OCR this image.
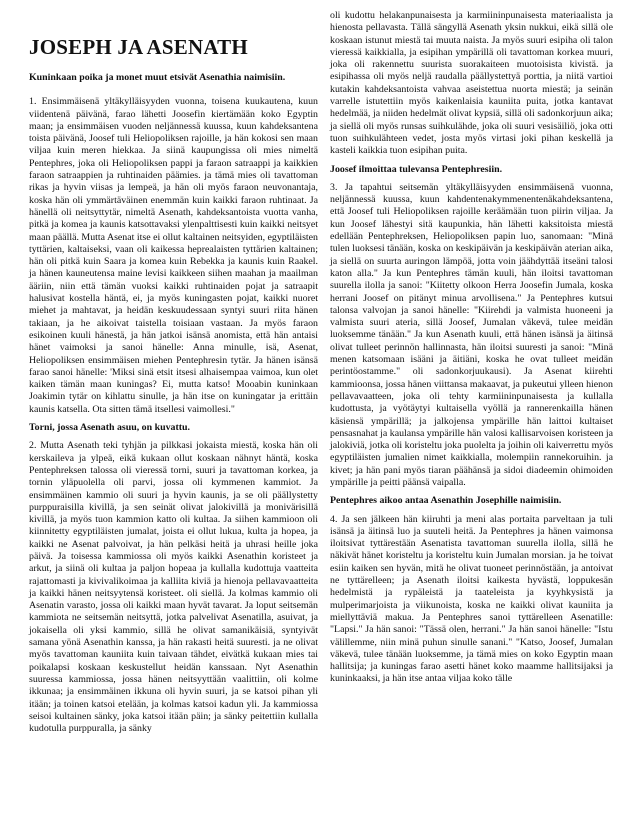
JOSEPH JA ASENATH

Kuninkaan poika ja monet muut etsivät Asenathia naimisiin.

1. Ensimmäisenä yltäkylläisyyden vuonna, toisena kuukautena, kuun viidentenä päivänä, farao lähetti Joosefin kiertämään koko Egyptin maan; ja ensimmäisen vuoden neljännessä kuussa, kuun kahdeksantena toista päivänä, Joosef tuli Heliopoliksen rajoille, ja hän kokosi sen maan viljaa kuin meren hiekkaa. Ja siinä kaupungissa oli mies nimeltä Pentephres, joka oli Heliopoliksen pappi ja faraon satraappi ja kaikkien faraon satraappien ja ruhtinaiden päämies. ja tämä mies oli tavattoman rikas ja hyvin viisas ja lempeä, ja hän oli myös faraon neuvonantaja, koska hän oli ymmärtäväinen enemmän kuin kaikki faraon ruhtinaat. Ja hänellä oli neitsyttytär, nimeltä Asenath, kahdeksantoista vuotta vanha, pitkä ja komea ja kaunis katsottavaksi ylenpalttisesti kuin kaikki neitsyet maan päällä. Mutta Asenat itse ei ollut kaltainen neitsyiden, egyptiläisten tyttärien, kaltaiseksi, vaan oli kaikessa heprealaisten tyttärien kaltainen; hän oli pitkä kuin Saara ja komea kuin Rebekka ja kaunis kuin Raakel. ja hänen kauneutensa maine levisi kaikkeen siihen maahan ja maailman ääriin, niin että tämän vuoksi kaikki ruhtinaiden pojat ja satraapit halusivat kostella häntä, ei, ja myös kuningasten pojat, kaikki nuoret miehet ja mahtavat, ja heidän keskuudessaan syntyi suuri riita hänen takiaan, ja he aikoivat taistella toisiaan vastaan. Ja myös faraon esikoinen kuuli hänestä, ja hän jatkoi isänsä anomista, että hän antaisi hänet vaimoksi ja sanoi hänelle: Anna minulle, isä, Asenat, Heliopoliksen ensimmäisen miehen Pentephresin tytär. Ja hänen isänsä farao sanoi hänelle: 'Miksi sinä etsit itsesi alhaisempaa vaimoa, kun olet kaiken tämän maan kuningas? Ei, mutta katso! Mooabin kuninkaan Joakimin tytär on kihlattu sinulle, ja hän itse on kuningatar ja erittäin kaunis katsella. Ota sitten tämä itsellesi vaimollesi."

Torni, jossa Asenath asuu, on kuvattu.

2. Mutta Asenath teki tyhjän ja pilkkasi jokaista miestä, koska hän oli kerskaileva ja ylpeä, eikä kukaan ollut koskaan nähnyt häntä, koska Pentephreksen talossa oli vieressä torni, suuri ja tavattoman korkea, ja tornin yläpuolella oli parvi, jossa oli kymmenen kammiot. Ja ensimmäinen kammio oli suuri ja hyvin kaunis, ja se oli päällystetty purppuraisilla kivillä, ja sen seinät olivat jalokivillä ja monivärisillä kivillä, ja myös tuon kammion katto oli kultaa. Ja siihen kammioon oli kiinnitetty egyptiläisten jumalat, joista ei ollut lukua, kulta ja hopea, ja kaikki ne Asenat palvoivat, ja hän pelkäsi heitä ja uhrasi heille joka päivä. Ja toisessa kammiossa oli myös kaikki Asenathin koristeet ja arkut, ja siinä oli kultaa ja paljon hopeaa ja kullalla kudottuja vaatteita rajattomasti ja kivivalikoimaa ja kalliita kiviä ja hienoja pellavavaatteita ja kaikki hänen neitsyytensä koristeet. oli siellä. Ja kolmas kammio oli Asenatin varasto, jossa oli kaikki maan hyvät tavarat. Ja loput seitsemän kammiota ne seitsemän neitsyttä, jotka palvelivat Asenatilla, asuivat, ja jokaisella oli yksi kammio, sillä he olivat samanikäisiä, syntyivät samana yönä Asenathin kanssa, ja hän rakasti heitä suuresti. ja ne olivat myös tavattoman kauniita kuin taivaan tähdet, eivätkä kukaan mies tai poikalapsi koskaan keskustellut heidän kanssaan. Nyt Asenathin suuressa kammiossa, jossa hänen neitsyyttään vaalittiin, oli kolme ikkunaa; ja ensimmäinen ikkuna oli hyvin suuri, ja se katsoi pihan yli itään; ja toinen katsoi etelään, ja kolmas katsoi kadun yli. Ja kammiossa seisoi kultainen sänky, joka katsoi itään päin; ja sänky peitettiin kullalla kudotulla purppuralla, ja sänky

oli kudottu helakanpunaisesta ja karmiininpunaisesta materiaalista ja hienosta pellavasta. Tällä sängyllä Asenath yksin nukkui, eikä sillä ole koskaan istunut miestä tai muuta naista. Ja myös suuri esipiha oli talon vieressä kaikkialla, ja esipihan ympärillä oli tavattoman korkea muuri, joka oli rakennettu suurista suorakaiteen muotoisista kivistä. ja esipihassa oli myös neljä raudalla päällystettyä porttia, ja niitä vartioi kutakin kahdeksantoista vahvaa aseistettua nuorta miestä; ja seinän varrelle istutettiin myös kaikenlaisia kauniita puita, jotka kantavat hedelmää, ja niiden hedelmät olivat kypsiä, sillä oli sadonkorjuun aika; ja siellä oli myös runsas suihkulähde, joka oli suuri vesisäiliö, joka otti tuon suihkulähteen vedet, josta myös virtasi joki pihan keskellä ja kasteli kaikkia tuon esipihan puita.

Joosef ilmoittaa tulevansa Pentephresiin.

3. Ja tapahtui seitsemän yltäkylläisyyden ensimmäisenä vuonna, neljännessä kuussa, kuun kahdentenakymmenentenäkahdeksantena, että Joosef tuli Heliopoliksen rajoille keräämään tuon piirin viljaa. Ja kun Joosef lähestyi sitä kaupunkia, hän lähetti kaksitoista miestä edellään Pentephreksen, Heliopoliksen papin luo, sanomaan: "Minä tulen luoksesi tänään, koska on keskipäivän ja keskipäivän aterian aika, ja siellä on suurta auringon lämpöä, jotta voin jäähdyttää itseäni talosi katon alla." Ja kun Pentephres tämän kuuli, hän iloitsi tavattoman suurella ilolla ja sanoi: "Kiitetty olkoon Herra Joosefin Jumala, koska herrani Joosef on pitänyt minua arvollisena." Ja Pentephres kutsui talonsa valvojan ja sanoi hänelle: "Kiirehdi ja valmista huoneeni ja valmista suuri ateria, sillä Joosef, Jumalan väkevä, tulee meidän luoksemme tänään." Ja kun Asenath kuuli, että hänen isänsä ja äitinsä olivat tulleet perinnön hallinnasta, hän iloitsi suuresti ja sanoi: "Minä menen katsomaan isääni ja äitiäni, koska he ovat tulleet meidän perintöostamme." oli sadonkorjuukausi). Ja Asenat kiirehti kammioonsa, jossa hänen viittansa makaavat, ja pukeutui ylleen hienon pellavavaatteen, joka oli tehty karmiininpunaisesta ja kullalla kudottusta, ja vyötäytyi kultaisella vyöllä ja rannerenkailla hänen käsiensä ympärillä; ja jalkojensa ympärille hän laittoi kultaiset pensasnahat ja kaulansa ympärille hän valosi kallisarvoisen koristeen ja jalokiviä, jotka oli koristeltu joka puolelta ja joihin oli kaiverrettu myös egyptiläisten jumalien nimet kaikkialla, molempiin rannekoruihin. ja kivet; ja hän pani myös tiaran päähänsä ja sidoi diadeemin ohimoiden ympärille ja peitti päänsä vaipalla.

Pentephres aikoo antaa Asenathin Josephille naimisiin.

4. Ja sen jälkeen hän kiiruhti ja meni alas portaita parveltaan ja tuli isänsä ja äitinsä luo ja suuteli heitä. Ja Pentephres ja hänen vaimonsa iloitsivat tyttärestään Asenatista tavattoman suurella ilolla, sillä he näkivät hänet koristeltu ja koristeltu kuin Jumalan morsian. ja he toivat esiin kaiken sen hyvän, mitä he olivat tuoneet perinnöstään, ja antoivat ne tyttärelleen; ja Asenath iloitsi kaikesta hyvästä, loppukesän hedelmistä ja rypäleistä ja taateleista ja kyyhkysistä ja mulperimarjoista ja viikunoista, koska ne kaikki olivat kauniita ja miellyttäviä makua. Ja Pentephres sanoi tyttärelleen Asenatille: "Lapsi." Ja hän sanoi: "Tässä olen, herrani." Ja hän sanoi hänelle: "Istu välillemme, niin minä puhun sinulle sanani." "Katso, Joosef, Jumalan väkevä, tulee tänään luoksemme, ja tämä mies on koko Egyptin maan hallitsija; ja kuningas farao asetti hänet koko maamme hallitsijaksi ja kuninkaaksi, ja hän itse antaa viljaa koko tälle
